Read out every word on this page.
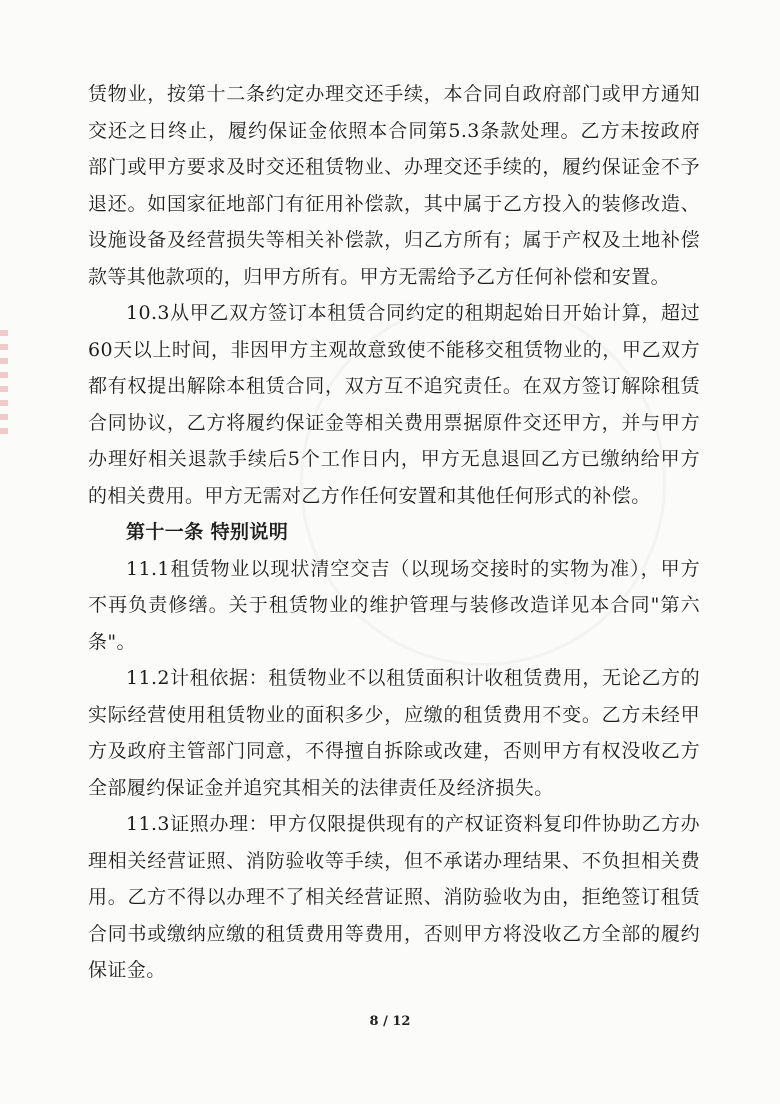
赁物业，按第十二条约定办理交还手续，本合同自政府部门或甲方通知交还之日终止，履约保证金依照本合同第5.3条款处理。乙方未按政府部门或甲方要求及时交还租赁物业、办理交还手续的，履约保证金不予退还。如国家征地部门有征用补偿款，其中属于乙方投入的装修改造、设施设备及经营损失等相关补偿款，归乙方所有；属于产权及土地补偿款等其他款项的，归甲方所有。甲方无需给予乙方任何补偿和安置。

10.3从甲乙双方签订本租赁合同约定的租期起始日开始计算，超过60天以上时间，非因甲方主观故意致使不能移交租赁物业的，甲乙双方都有权提出解除本租赁合同，双方互不追究责任。在双方签订解除租赁合同协议，乙方将履约保证金等相关费用票据原件交还甲方，并与甲方办理好相关退款手续后5个工作日内，甲方无息退回乙方已缴纳给甲方的相关费用。甲方无需对乙方作任何安置和其他任何形式的补偿。

第十一条 特别说明

11.1租赁物业以现状清空交吉（以现场交接时的实物为准），甲方不再负责修缮。关于租赁物业的维护管理与装修改造详见本合同"第六条"。

11.2计租依据：租赁物业不以租赁面积计收租赁费用，无论乙方的实际经营使用租赁物业的面积多少，应缴的租赁费用不变。乙方未经甲方及政府主管部门同意，不得擅自拆除或改建，否则甲方有权没收乙方全部履约保证金并追究其相关的法律责任及经济损失。

11.3证照办理：甲方仅限提供现有的产权证资料复印件协助乙方办理相关经营证照、消防验收等手续，但不承诺办理结果、不负担相关费用。乙方不得以办理不了相关经营证照、消防验收为由，拒绝签订租赁合同书或缴纳应缴的租赁费用等费用，否则甲方将没收乙方全部的履约保证金。

8 / 12
